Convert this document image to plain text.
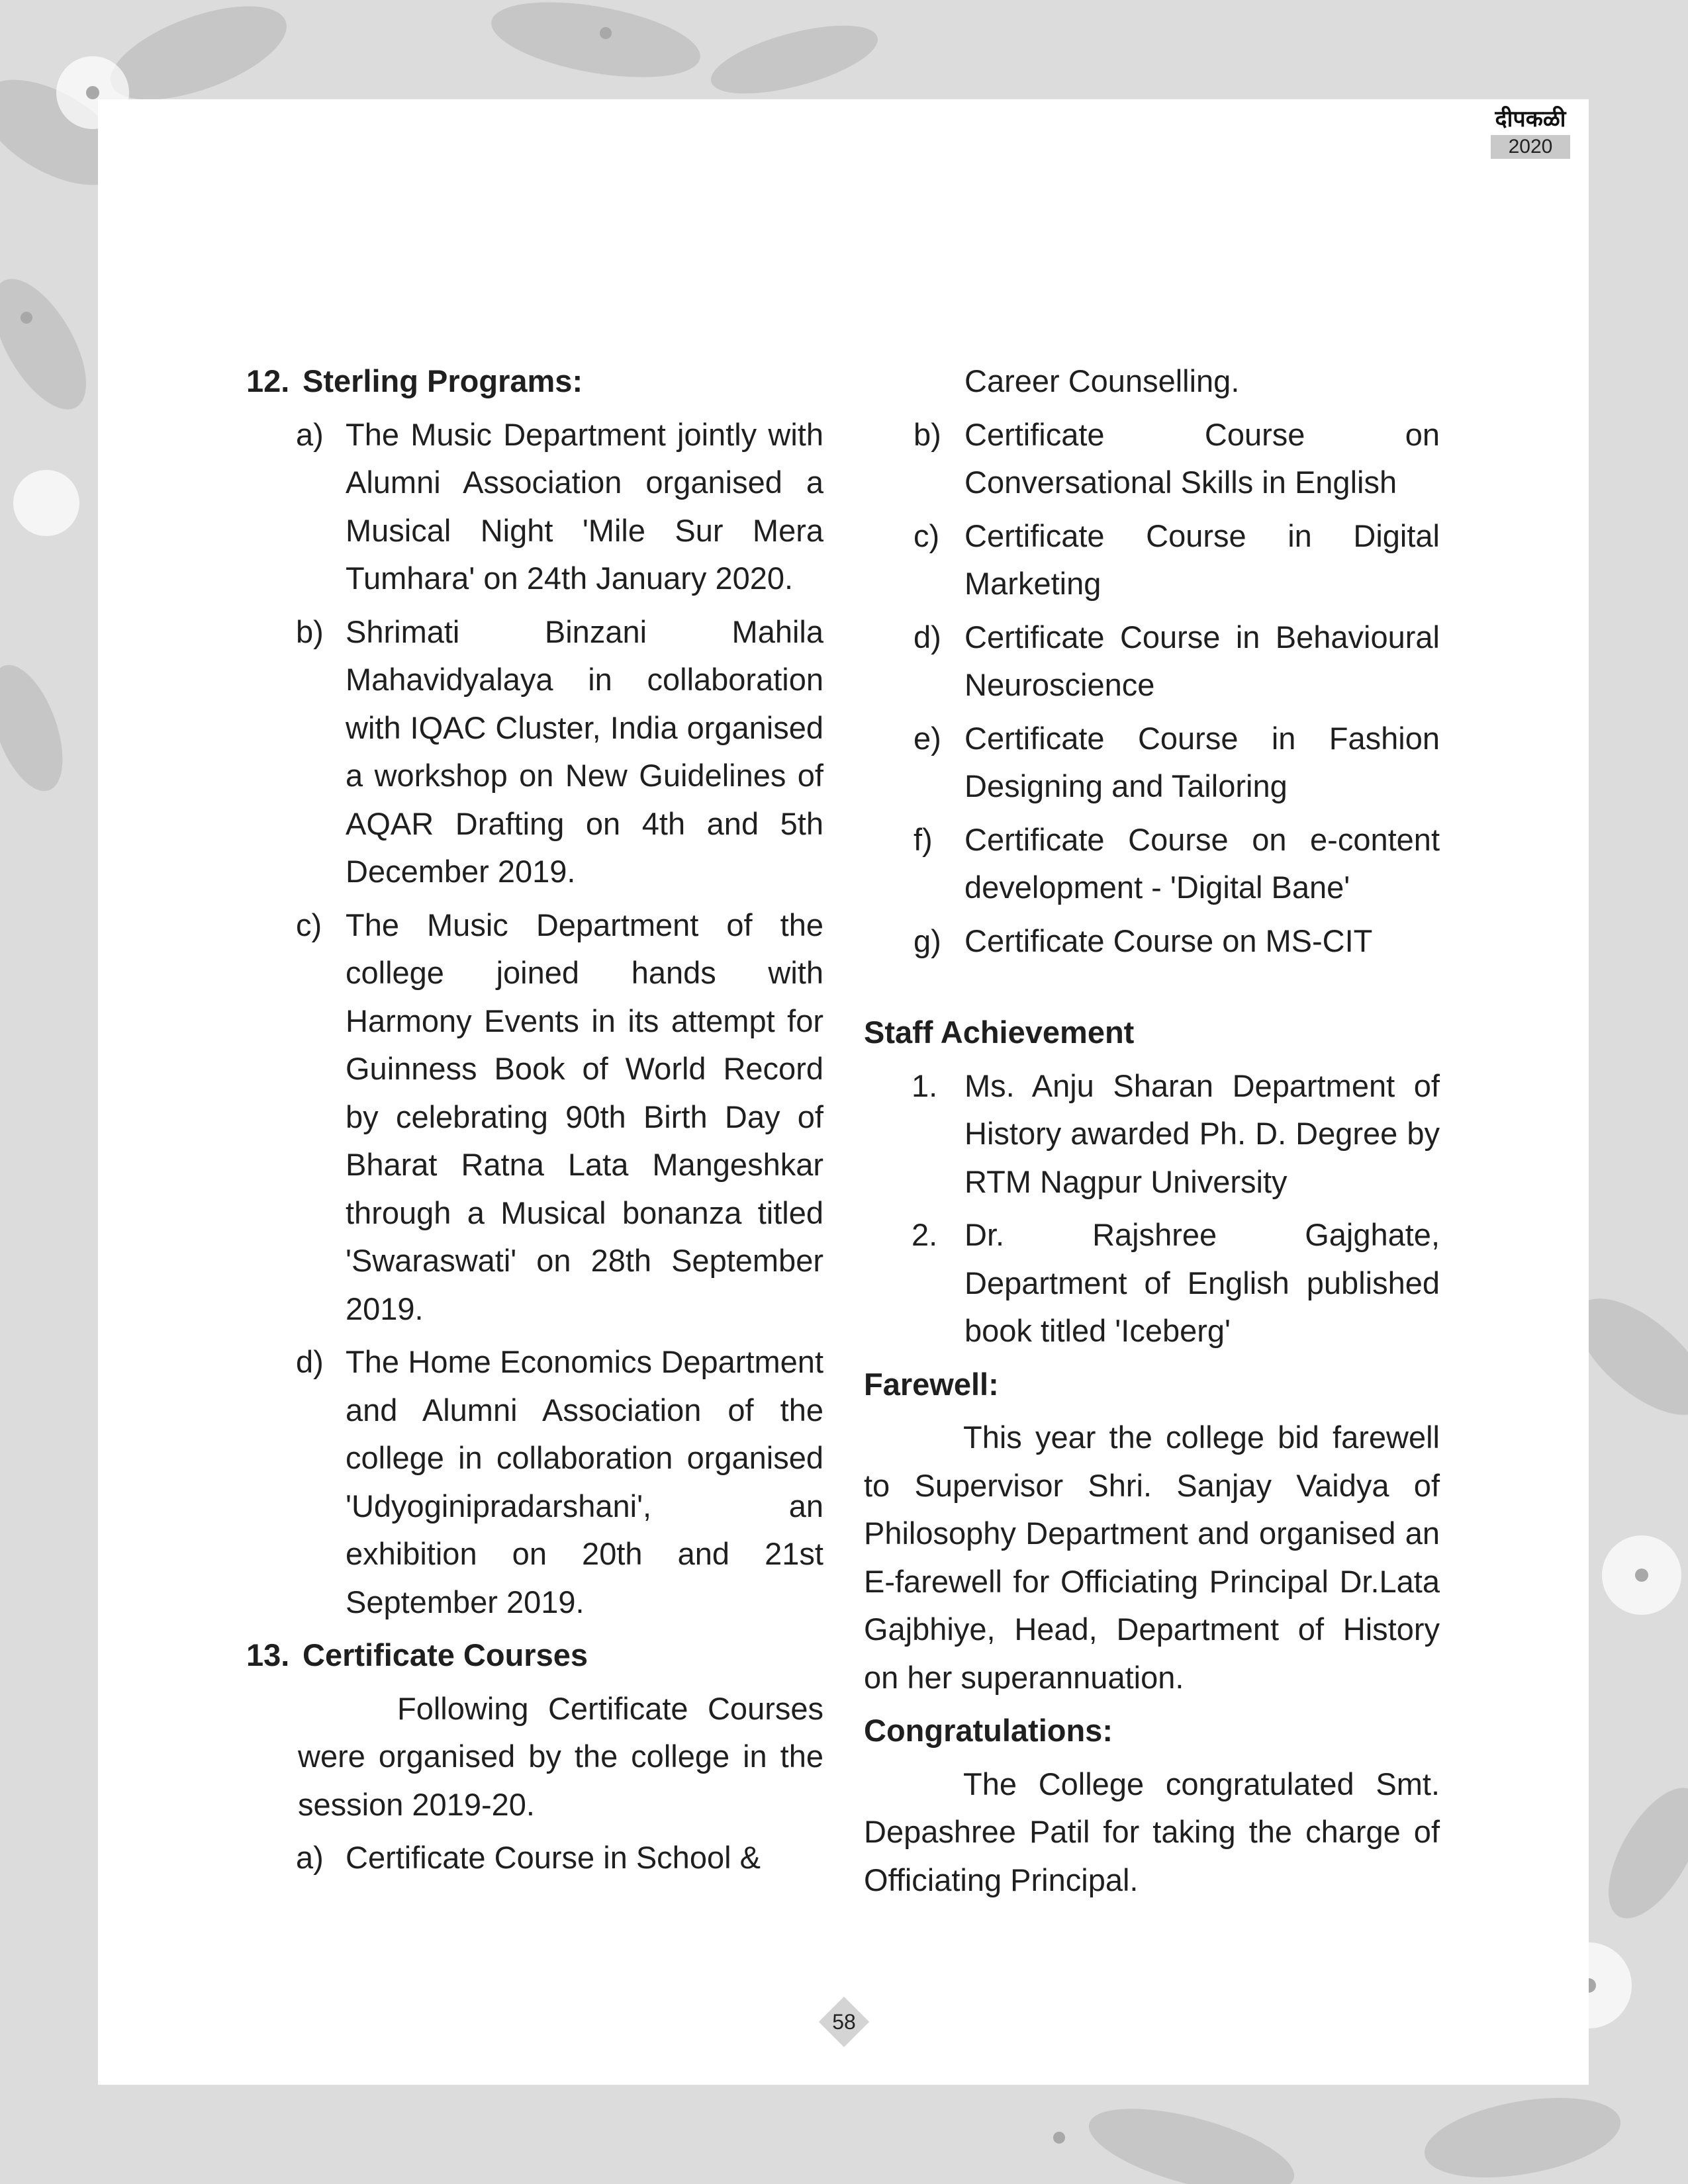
दीपकळी
2020
12. Sterling Programs:
a) The Music Department jointly with Alumni Association organised a Musical Night 'Mile Sur Mera Tumhara' on 24th January 2020.
b) Shrimati Binzani Mahila Mahavidyalaya in collaboration with IQAC Cluster, India organised a workshop on New Guidelines of AQAR Drafting on 4th and 5th December 2019.
c) The Music Department of the college joined hands with Harmony Events in its attempt for Guinness Book of World Record by celebrating 90th Birth Day of Bharat Ratna Lata Mangeshkar through a Musical bonanza titled 'Swaraswati' on 28th September 2019.
d) The Home Economics Department and Alumni Association of the college in collaboration organised 'Udyoginipradarshani', an exhibition on 20th and 21st September 2019.
13. Certificate Courses

Following Certificate Courses were organised by the college in the session 2019-20.

a) Certificate Course in School &
Career Counselling.
b) Certificate Course on Conversational Skills in English
c) Certificate Course in Digital Marketing
d) Certificate Course in Behavioural Neuroscience
e) Certificate Course in Fashion Designing and Tailoring
f) Certificate Course on e-content development - 'Digital Bane'
g) Certificate Course on MS-CIT
Staff Achievement
1. Ms. Anju Sharan Department of History awarded Ph. D. Degree by RTM Nagpur University
2. Dr. Rajshree Gajghate, Department of English published book titled 'Iceberg'
Farewell:

This year the college bid farewell to Supervisor Shri. Sanjay Vaidya of Philosophy Department and organised an E-farewell for Officiating Principal Dr.Lata Gajbhiye, Head, Department of History on her superannuation.

Congratulations:

The College congratulated Smt. Depashree Patil for taking the charge of Officiating Principal.

58
